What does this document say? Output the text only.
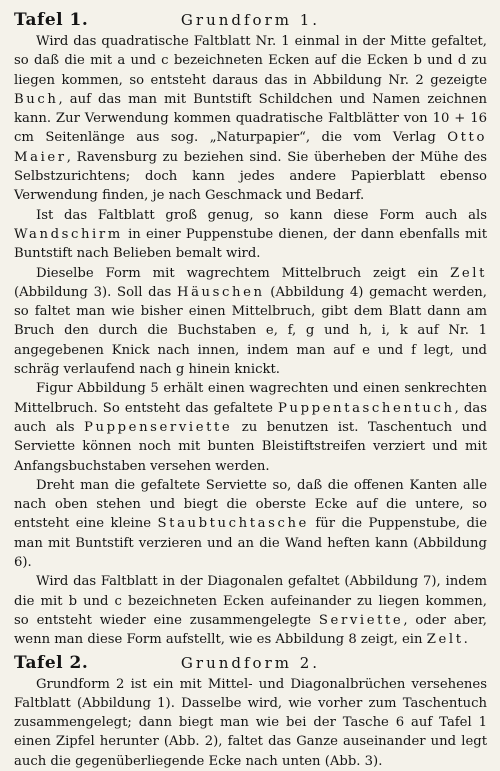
Tafel 1.	Grundform 1.

Wird das quadratische Faltblatt Nr. 1 einmal in der Mitte gefaltet, so daß die mit a und c bezeichneten Ecken auf die Ecken b und d zu liegen kommen, so entsteht daraus das in Abbildung Nr. 2 gezeigte Buch, auf das man mit Buntstift Schildchen und Namen zeichnen kann. Zur Verwendung kommen quadratische Faltblätter von 10 + 16 cm Seitenlänge aus sog. „Naturpapier“, die vom Verlag Otto Maier, Ravensburg zu beziehen sind. Sie überheben der Mühe des Selbstzurichtens; doch kann jedes andere Papierblatt ebenso Verwendung finden, je nach Geschmack und Bedarf.

Ist das Faltblatt groß genug, so kann diese Form auch als Wandschirm in einer Puppenstube dienen, der dann ebenfalls mit Buntstift nach Belieben bemalt wird.

Dieselbe Form mit wagrechtem Mittelbruch zeigt ein Zelt (Abbildung 3). Soll das Häuschen (Abbildung 4) gemacht werden, so faltet man wie bisher einen Mittelbruch, gibt dem Blatt dann am Bruch den durch die Buchstaben e, f, g und h, i, k auf Nr. 1 angegebenen Knick nach innen, indem man auf e und f legt, und schräg verlaufend nach g hinein knickt.

Figur Abbildung 5 erhält einen wagrechten und einen senkrechten Mittelbruch. So entsteht das gefaltete Puppentaschentuch, das auch als Puppenserviette zu benutzen ist. Taschentuch und Serviette können noch mit bunten Bleistiftstreifen verziert und mit Anfangsbuchstaben versehen werden.

Dreht man die gefaltete Serviette so, daß die offenen Kanten alle nach oben stehen und biegt die oberste Ecke auf die untere, so entsteht eine kleine Staubtuchtasche für die Puppenstube, die man mit Buntstift verzieren und an die Wand heften kann (Abbildung 6).

Wird das Faltblatt in der Diagonalen gefaltet (Abbildung 7), indem die mit b und c bezeichneten Ecken aufeinander zu liegen kommen, so entsteht wieder eine zusammengelegte Serviette, oder aber, wenn man diese Form aufstellt, wie es Abbildung 8 zeigt, ein Zelt.

Tafel 2.	Grundform 2.

Grundform 2 ist ein mit Mittel- und Diagonalbrüchen versehenes Faltblatt (Abbildung 1). Dasselbe wird, wie vorher zum Taschentuch zusammengelegt; dann biegt man wie bei der Tasche 6 auf Tafel 1 einen Zipfel herunter (Abb. 2), faltet das Ganze auseinander und legt auch die gegenüberliegende Ecke nach unten (Abb. 3).
